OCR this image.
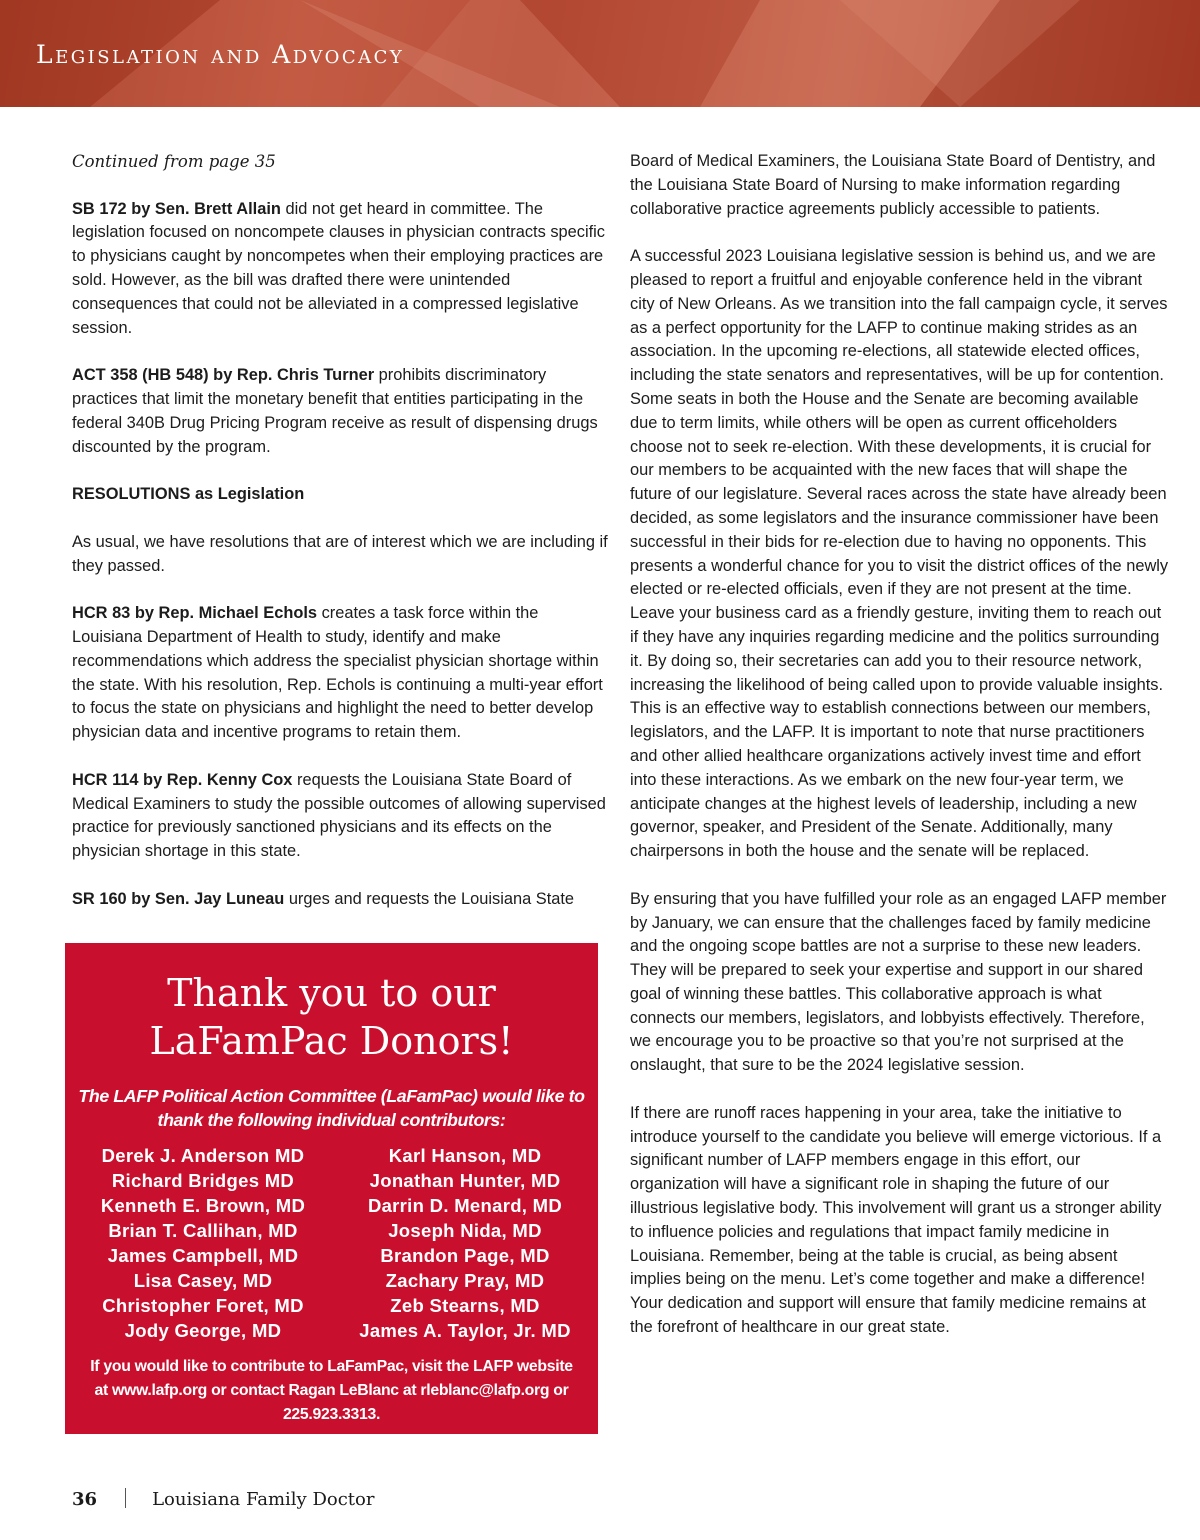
Legislation and Advocacy

Continued from page 35

SB 172 by Sen. Brett Allain did not get heard in committee. The legislation focused on noncompete clauses in physician contracts specific to physicians caught by noncompetes when their employing practices are sold. However, as the bill was drafted there were unintended consequences that could not be alleviated in a compressed legislative session.

ACT 358 (HB 548) by Rep. Chris Turner prohibits discriminatory practices that limit the monetary benefit that entities participating in the federal 340B Drug Pricing Program receive as result of dispensing drugs discounted by the program.

RESOLUTIONS as Legislation

As usual, we have resolutions that are of interest which we are including if they passed.

HCR 83 by Rep. Michael Echols creates a task force within the Louisiana Department of Health to study, identify and make recommendations which address the specialist physician shortage within the state. With his resolution, Rep. Echols is continuing a multi-year effort to focus the state on physicians and highlight the need to better develop physician data and incentive programs to retain them.

HCR 114 by Rep. Kenny Cox requests the Louisiana State Board of Medical Examiners to study the possible outcomes of allowing supervised practice for previously sanctioned physicians and its effects on the physician shortage in this state.

SR 160 by Sen. Jay Luneau urges and requests the Louisiana State

Board of Medical Examiners, the Louisiana State Board of Dentistry, and the Louisiana State Board of Nursing to make information regarding collaborative practice agreements publicly accessible to patients.

A successful 2023 Louisiana legislative session is behind us, and we are pleased to report a fruitful and enjoyable conference held in the vibrant city of New Orleans. As we transition into the fall campaign cycle, it serves as a perfect opportunity for the LAFP to continue making strides as an association. In the upcoming re-elections, all statewide elected offices, including the state senators and representatives, will be up for contention. Some seats in both the House and the Senate are becoming available due to term limits, while others will be open as current officeholders choose not to seek re-election. With these developments, it is crucial for our members to be acquainted with the new faces that will shape the future of our legislature. Several races across the state have already been decided, as some legislators and the insurance commissioner have been successful in their bids for re-election due to having no opponents. This presents a wonderful chance for you to visit the district offices of the newly elected or re-elected officials, even if they are not present at the time. Leave your business card as a friendly gesture, inviting them to reach out if they have any inquiries regarding medicine and the politics surrounding it. By doing so, their secretaries can add you to their resource network, increasing the likelihood of being called upon to provide valuable insights. This is an effective way to establish connections between our members, legislators, and the LAFP. It is important to note that nurse practitioners and other allied healthcare organizations actively invest time and effort into these interactions. As we embark on the new four-year term, we anticipate changes at the highest levels of leadership, including a new governor, speaker, and President of the Senate. Additionally, many chairpersons in both the house and the senate will be replaced.

By ensuring that you have fulfilled your role as an engaged LAFP member by January, we can ensure that the challenges faced by family medicine and the ongoing scope battles are not a surprise to these new leaders. They will be prepared to seek your expertise and support in our shared goal of winning these battles. This collaborative approach is what connects our members, legislators, and lobbyists effectively. Therefore, we encourage you to be proactive so that you’re not surprised at the onslaught, that sure to be the 2024 legislative session.

If there are runoff races happening in your area, take the initiative to introduce yourself to the candidate you believe will emerge victorious. If a significant number of LAFP members engage in this effort, our organization will have a significant role in shaping the future of our illustrious legislative body. This involvement will grant us a stronger ability to influence policies and regulations that impact family medicine in Louisiana. Remember, being at the table is crucial, as being absent implies being on the menu. Let’s come together and make a difference! Your dedication and support will ensure that family medicine remains at the forefront of healthcare in our great state.

Thank you to our
LaFamPac Donors!
The LAFP Political Action Committee (LaFamPac) would like to
thank the following individual contributors:
Derek J. Anderson MD
Richard Bridges MD
Kenneth E. Brown, MD
Brian T. Callihan, MD
James Campbell, MD
Lisa Casey, MD
Christopher Foret, MD
Jody George, MD
Karl Hanson, MD
Jonathan Hunter, MD
Darrin D. Menard, MD
Joseph Nida, MD
Brandon Page, MD
Zachary Pray, MD
Zeb Stearns, MD
James A. Taylor, Jr. MD
If you would like to contribute to LaFamPac, visit the LAFP website
at www.lafp.org or contact Ragan LeBlanc at rleblanc@lafp.org or
225.923.3313.
36	Louisiana Family Doctor
